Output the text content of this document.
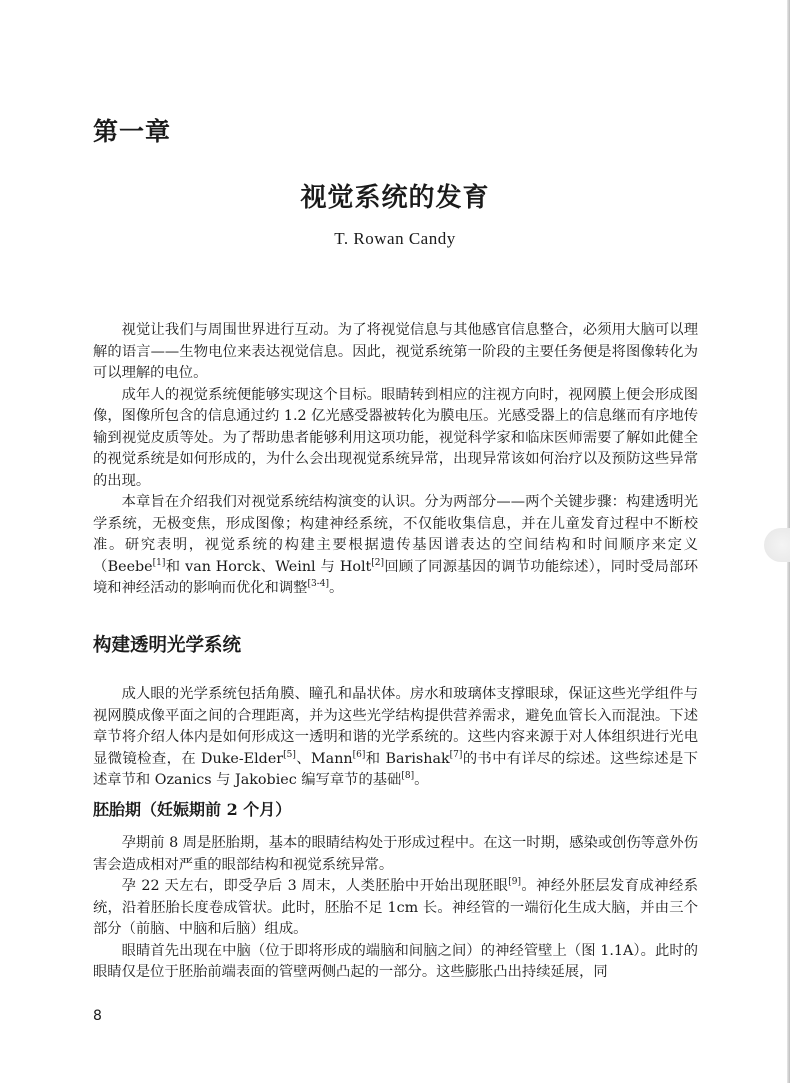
第一章
视觉系统的发育
T. Rowan Candy

视觉让我们与周围世界进行互动。为了将视觉信息与其他感官信息整合，必须用大脑可以理解的语言——生物电位来表达视觉信息。因此，视觉系统第一阶段的主要任务便是将图像转化为可以理解的电位。

成年人的视觉系统便能够实现这个目标。眼睛转到相应的注视方向时，视网膜上便会形成图像，图像所包含的信息通过约 1.2 亿光感受器被转化为膜电压。光感受器上的信息继而有序地传输到视觉皮质等处。为了帮助患者能够利用这项功能，视觉科学家和临床医师需要了解如此健全的视觉系统是如何形成的，为什么会出现视觉系统异常，出现异常该如何治疗以及预防这些异常的出现。

本章旨在介绍我们对视觉系统结构演变的认识。分为两部分——两个关键步骤：构建透明光学系统，无极变焦，形成图像；构建神经系统，不仅能收集信息，并在儿童发育过程中不断校准。研究表明，视觉系统的构建主要根据遗传基因谱表达的空间结构和时间顺序来定义（Beebe[1]和 van Horck、Weinl 与 Holt[2]回顾了同源基因的调节功能综述），同时受局部环境和神经活动的影响而优化和调整[3-4]。

构建透明光学系统

成人眼的光学系统包括角膜、瞳孔和晶状体。房水和玻璃体支撑眼球，保证这些光学组件与视网膜成像平面之间的合理距离，并为这些光学结构提供营养需求，避免血管长入而混浊。下述章节将介绍人体内是如何形成这一透明和谐的光学系统的。这些内容来源于对人体组织进行光电显微镜检查，在 Duke-Elder[5]、Mann[6]和 Barishak[7]的书中有详尽的综述。这些综述是下述章节和 Ozanics 与 Jakobiec 编写章节的基础[8]。

胚胎期（妊娠期前 2 个月）

孕期前 8 周是胚胎期，基本的眼睛结构处于形成过程中。在这一时期，感染或创伤等意外伤害会造成相对严重的眼部结构和视觉系统异常。

孕 22 天左右，即受孕后 3 周末，人类胚胎中开始出现胚眼[9]。神经外胚层发育成神经系统，沿着胚胎长度卷成管状。此时，胚胎不足 1cm 长。神经管的一端衍化生成大脑，并由三个部分（前脑、中脑和后脑）组成。

眼睛首先出现在中脑（位于即将形成的端脑和间脑之间）的神经管壁上（图 1.1A）。此时的眼睛仅是位于胚胎前端表面的管壁两侧凸起的一部分。这些膨胀凸出持续延展，同

8
